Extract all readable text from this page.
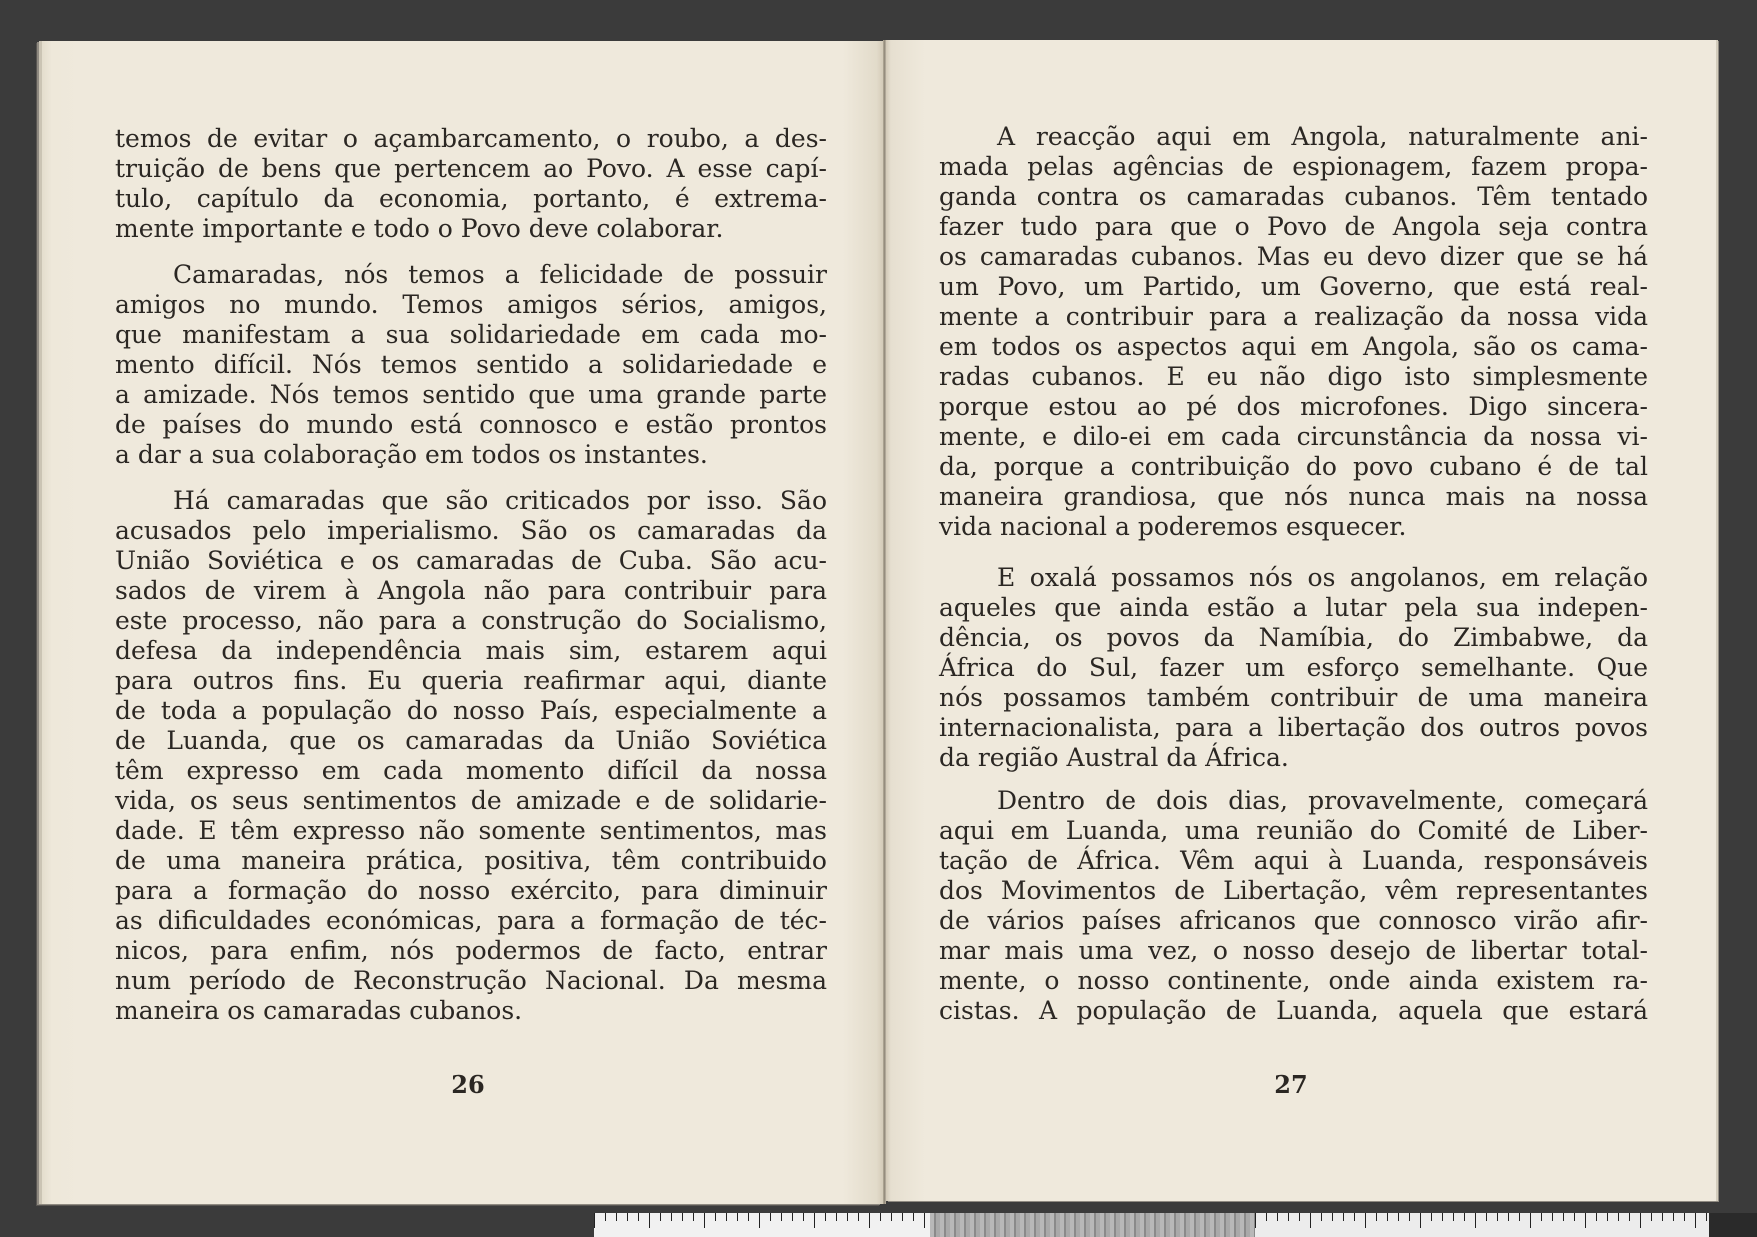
temos de evitar o açambarcamento, o roubo, a des-
truição de bens que pertencem ao Povo. A esse capí-
tulo, capítulo da economia, portanto, é extrema-
mente importante e todo o Povo deve colaborar.
Camaradas, nós temos a felicidade de possuir
amigos no mundo. Temos amigos sérios, amigos,
que manifestam a sua solidariedade em cada mo-
mento difícil. Nós temos sentido a solidariedade e
a amizade. Nós temos sentido que uma grande parte
de países do mundo está connosco e estão prontos
a dar a sua colaboração em todos os instantes.
Há camaradas que são criticados por isso. São
acusados pelo imperialismo. São os camaradas da
União Soviética e os camaradas de Cuba. São acu-
sados de virem à Angola não para contribuir para
este processo, não para a construção do Socialismo,
defesa da independência mais sim, estarem aqui
para outros fins. Eu queria reafirmar aqui, diante
de toda a população do nosso País, especialmente a
de Luanda, que os camaradas da União Soviética
têm expresso em cada momento difícil da nossa
vida, os seus sentimentos de amizade e de solidarie-
dade. E têm expresso não somente sentimentos, mas
de uma maneira prática, positiva, têm contribuido
para a formação do nosso exército, para diminuir
as dificuldades económicas, para a formação de téc-
nicos, para enfim, nós podermos de facto, entrar
num período de Reconstrução Nacional. Da mesma
maneira os camaradas cubanos.
A reacção aqui em Angola, naturalmente ani-
mada pelas agências de espionagem, fazem propa-
ganda contra os camaradas cubanos. Têm tentado
fazer tudo para que o Povo de Angola seja contra
os camaradas cubanos. Mas eu devo dizer que se há
um Povo, um Partido, um Governo, que está real-
mente a contribuir para a realização da nossa vida
em todos os aspectos aqui em Angola, são os cama-
radas cubanos. E eu não digo isto simplesmente
porque estou ao pé dos microfones. Digo sincera-
mente, e dilo-ei em cada circunstância da nossa vi-
da, porque a contribuição do povo cubano é de tal
maneira grandiosa, que nós nunca mais na nossa
vida nacional a poderemos esquecer.
E oxalá possamos nós os angolanos, em relação
aqueles que ainda estão a lutar pela sua indepen-
dência, os povos da Namíbia, do Zimbabwe, da
África do Sul, fazer um esforço semelhante. Que
nós possamos também contribuir de uma maneira
internacionalista, para a libertação dos outros povos
da região Austral da África.
Dentro de dois dias, provavelmente, começará
aqui em Luanda, uma reunião do Comité de Liber-
tação de África. Vêm aqui à Luanda, responsáveis
dos Movimentos de Libertação, vêm representantes
de vários países africanos que connosco virão afir-
mar mais uma vez, o nosso desejo de libertar total-
mente, o nosso continente, onde ainda existem ra-
cistas. A população de Luanda, aquela que estará
26	27
